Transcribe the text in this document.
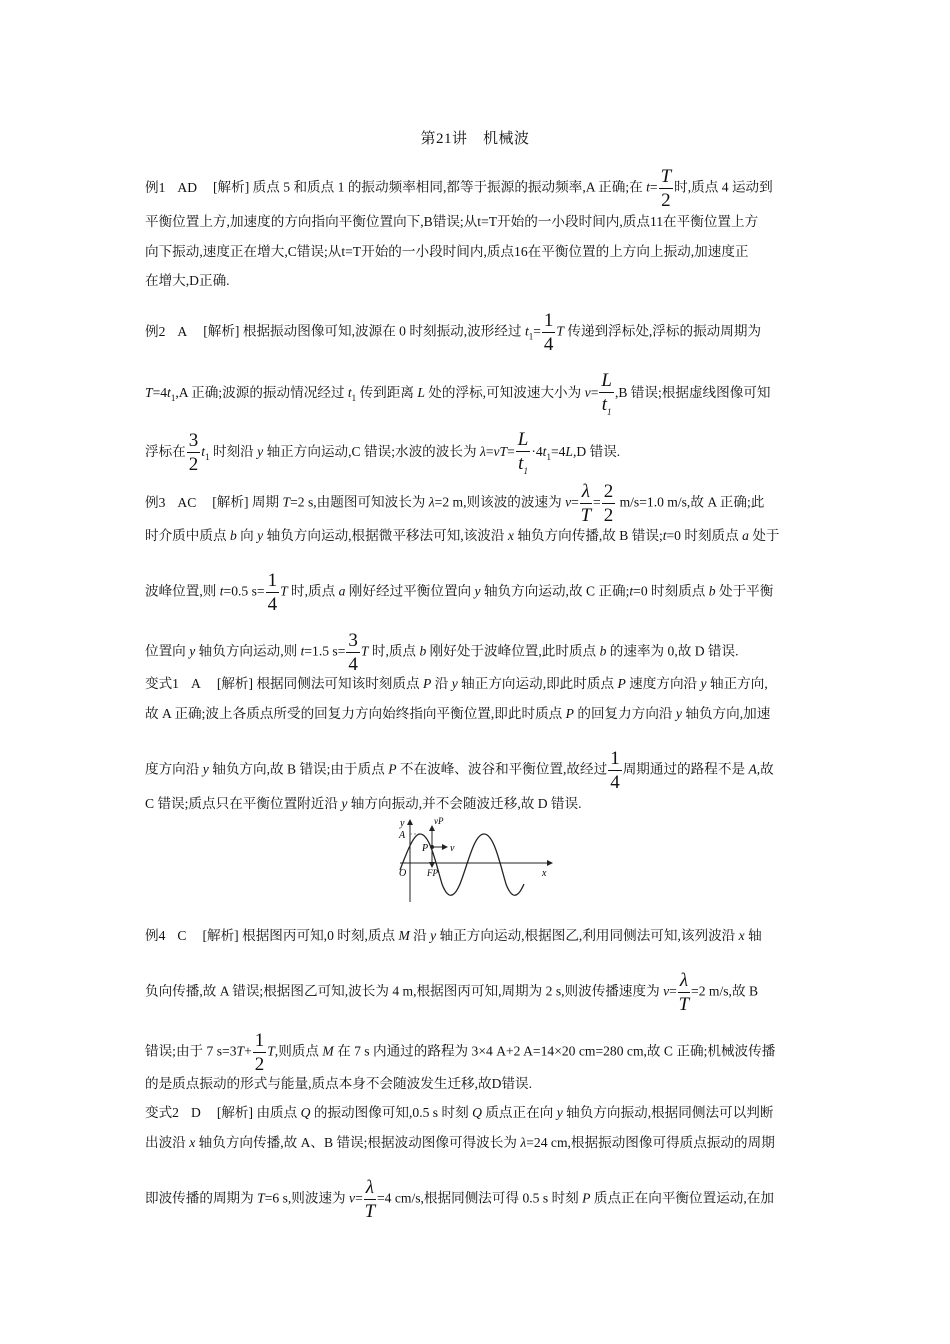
第21讲　机械波
例1 AD [解析] 质点 5 和质点 1 的振动频率相同,都等于振源的振动频率,A 正确;在 $t= \frac{T}{2}$ 时,质点 4 运动到
平衡位置上方,加速度的方向指向平衡位置向下,B错误;从t=T开始的一小段时间内,质点11在平衡位置上方
向下振动,速度正在增大,C错误;从t=T开始的一小段时间内,质点16在平衡位置的上方向上振动,加速度正
在增大,D正确.
例2 A [解析] 根据振动图像可知,波源在 0 时刻振动,波形经过 $t_1= \frac{1}{4}$ T 传递到浮标处,浮标的振动周期为
$T=4t_1,A$ 正确;波源的振动情况经过 $t_1$ 传到距离 L 处的浮标,可知波速大小为 $v= \frac{L}{t_1} ,B$ 错误;根据虚线图像可知
浮标在 $\frac{3}{2} t_1$ 时刻沿 y 轴正方向运动,C 错误;水波的波长为 $\lambda=vT= \frac{L}{t_1} \cdot 4t_1=4L,D$ 错误.
例3 AC [解析] 周期 T=2 s,由题图可知波长为 λ=2 m,则该波的波速为 $v= \frac{\lambda}{T} = \frac{2}{2} m/s=1.0$ m/s,故 A 正确;此
时介质中质点 b 向 y 轴负方向运动,根据微平移法可知,该波沿 x 轴负方向传播,故 B 错误;t=0 时刻质点 a 处于
波峰位置,则 t=0.5 $s= \frac{1}{4}$ T 时,质点 a 刚好经过平衡位置向 y 轴负方向运动,故 C 正确;t=0 时刻质点 b 处于平衡
位置向 y 轴负方向运动,则 t=1.5 $s= \frac{3}{4}$ T 时,质点 b 刚好处于波峰位置,此时质点 b 的速率为 0,故 D 错误.
变式1 A [解析] 根据同侧法可知该时刻质点 P 沿 y 轴正方向运动,即此时质点 P 速度方向沿 y 轴正方向,
故 A 正确;波上各质点所受的回复力方向始终指向平衡位置,即此时质点 P 的回复力方向沿 y 轴负方向,加速
度方向沿 y 轴负方向,故 B 错误;由于质点 P 不在波峰、波谷和平衡位置,故经过 $\frac{1}{4}$ 周期通过的路程不是 A,故
C 错误;质点只在平衡位置附近沿 y 轴方向振动,并不会随波迁移,故 D 错误.
y
A
O
P
vP
v
FP	x
例4 C [解析] 根据图丙可知,0 时刻,质点 M 沿 y 轴正方向运动,根据图乙,利用同侧法可知,该列波沿 x 轴
负向传播,故 A 错误;根据图乙可知,波长为 4 m,根据图丙可知,周期为 2 s,则波传播速度为 $v= \frac{\lambda}{T} =2$ m/s,故 B
错误;由于 7 $s=3T+ \frac{1}{2} T$,则质点 M 在 7 s 内通过的路程为 3×4 A+2 A=14×20 cm=280 cm,故 C 正确;机械波传播
的是质点振动的形式与能量,质点本身不会随波发生迁移,故D错误.
变式2 D [解析] 由质点 Q 的振动图像可知,0.5 s 时刻 Q 质点正在向 y 轴负方向振动,根据同侧法可以判断
出波沿 x 轴负方向传播,故 A、B 错误;根据波动图像可得波长为 λ=24 cm,根据振动图像可得质点振动的周期
即波传播的周期为 T=6 s,则波速为 $v= \frac{\lambda}{T} =4$ cm/s,根据同侧法可得 0.5 s 时刻 P 质点正在向平衡位置运动,在加
